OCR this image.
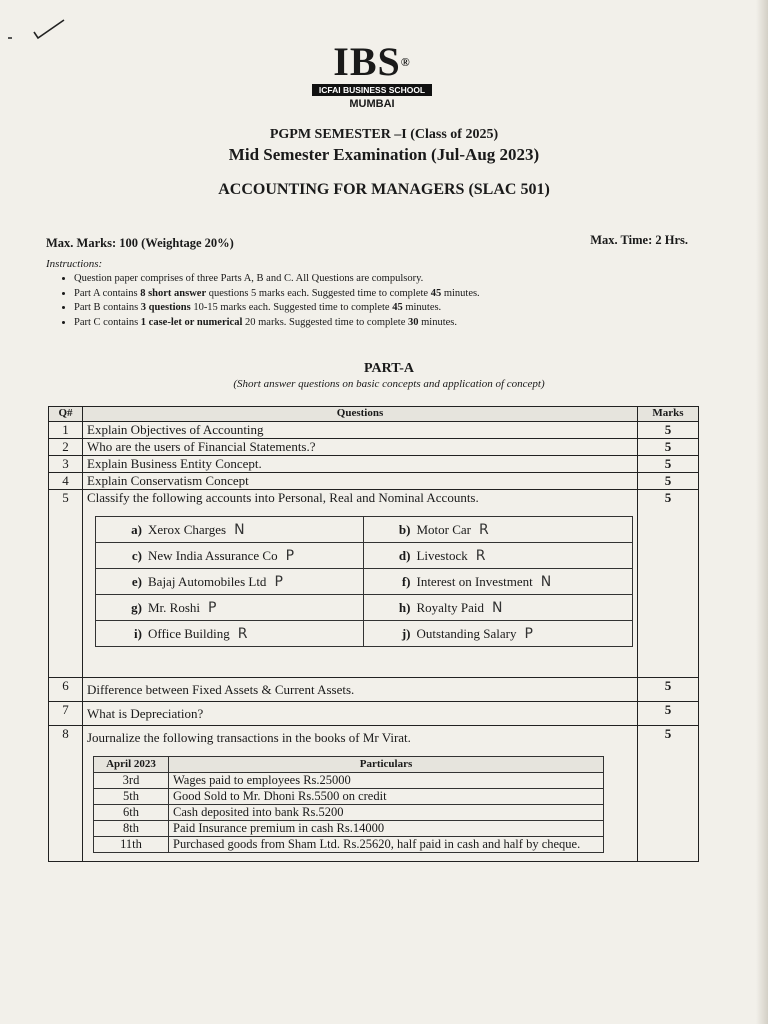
IBS®
ICFAI BUSINESS SCHOOL
MUMBAI
PGPM SEMESTER –I (Class of 2025)
Mid Semester Examination (Jul-Aug 2023)
ACCOUNTING FOR MANAGERS (SLAC 501)
Max. Marks: 100 (Weightage 20%)	Max. Time: 2 Hrs.
Instructions:
• Question paper comprises of three Parts A, B and C. All Questions are compulsory.
• Part A contains 8 short answer questions 5 marks each. Suggested time to complete 45 minutes.
• Part B contains 3 questions 10-15 marks each. Suggested time to complete 45 minutes.
• Part C contains 1 case-let or numerical 20 marks. Suggested time to complete 30 minutes.
PART-A
(Short answer questions on basic concepts and application of concept)
Q#	Questions	Marks
1	Explain Objectives of Accounting	5
2	Who are the users of Financial Statements.?	5
3	Explain Business Entity Concept.	5
4	Explain Conservatism Concept	5
5	Classify the following accounts into Personal, Real and Nominal Accounts.
a) Xerox Charges N	b) Motor Car R
c) New India Assurance Co P	d) Livestock R
e) Bajaj Automobiles Ltd P	f) Interest on Investment N
g) Mr. Roshi P	h) Royalty Paid N
i) Office Building R	j) Outstanding Salary P
	5
6	Difference between Fixed Assets & Current Assets.	5
7	What is Depreciation?	5
8	Journalize the following transactions in the books of Mr Virat.
April 2023	Particulars
3rd	Wages paid to employees Rs.25000
5th	Good Sold to Mr. Dhoni Rs.5500 on credit
6th	Cash deposited into bank Rs.5200
8th	Paid Insurance premium in cash Rs.14000
11th	Purchased goods from Sham Ltd. Rs.25620, half paid in cash and half by cheque.
	5
